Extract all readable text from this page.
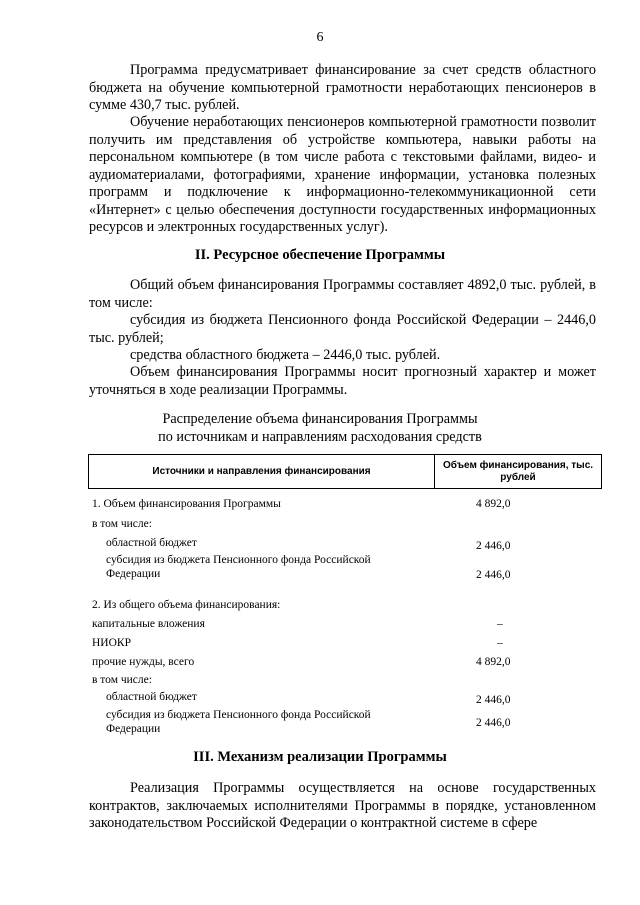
6

Программа предусматривает финансирование за счет средств областного бюджета на обучение компьютерной грамотности неработающих пенсионеров в сумме 430,7 тыс. рублей.

Обучение неработающих пенсионеров компьютерной грамотности позволит получить им представления об устройстве компьютера, навыки работы на персональном компьютере (в том числе работа с текстовыми файлами, видео- и аудиоматериалами, фотографиями, хранение информации, установка полезных программ и подключение к информационно-телекоммуникационной сети «Интернет» с целью обеспечения доступности государственных информационных ресурсов и электронных государственных услуг).

II. Ресурсное обеспечение Программы

Общий объем финансирования Программы составляет 4892,0 тыс. рублей, в том числе:

субсидия из бюджета Пенсионного фонда Российской Федерации – 2446,0 тыс. рублей;

средства областного бюджета – 2446,0 тыс. рублей.

Объем финансирования Программы носит прогнозный характер и может уточняться в ходе реализации Программы.

Распределение объема финансирования Программы
по источникам и направлениям расходования средств
Источники и направления финансирования
Объем финансирования, тыс. рублей
1. Объем финансирования Программы	4 892,0
в том числе:
областной бюджет	2 446,0
субсидия из бюджета Пенсионного фонда Российской Федерации	2 446,0
2. Из общего объема финансирования:
капитальные вложения	–
НИОКР	–
прочие нужды, всего	4 892,0
в том числе:
областной бюджет	2 446,0
субсидия из бюджета Пенсионного фонда Российской Федерации	2 446,0
III. Механизм реализации Программы

Реализация Программы осуществляется на основе государственных контрактов, заключаемых исполнителями Программы в порядке, установленном законодательством Российской Федерации о контрактной системе в сфере
